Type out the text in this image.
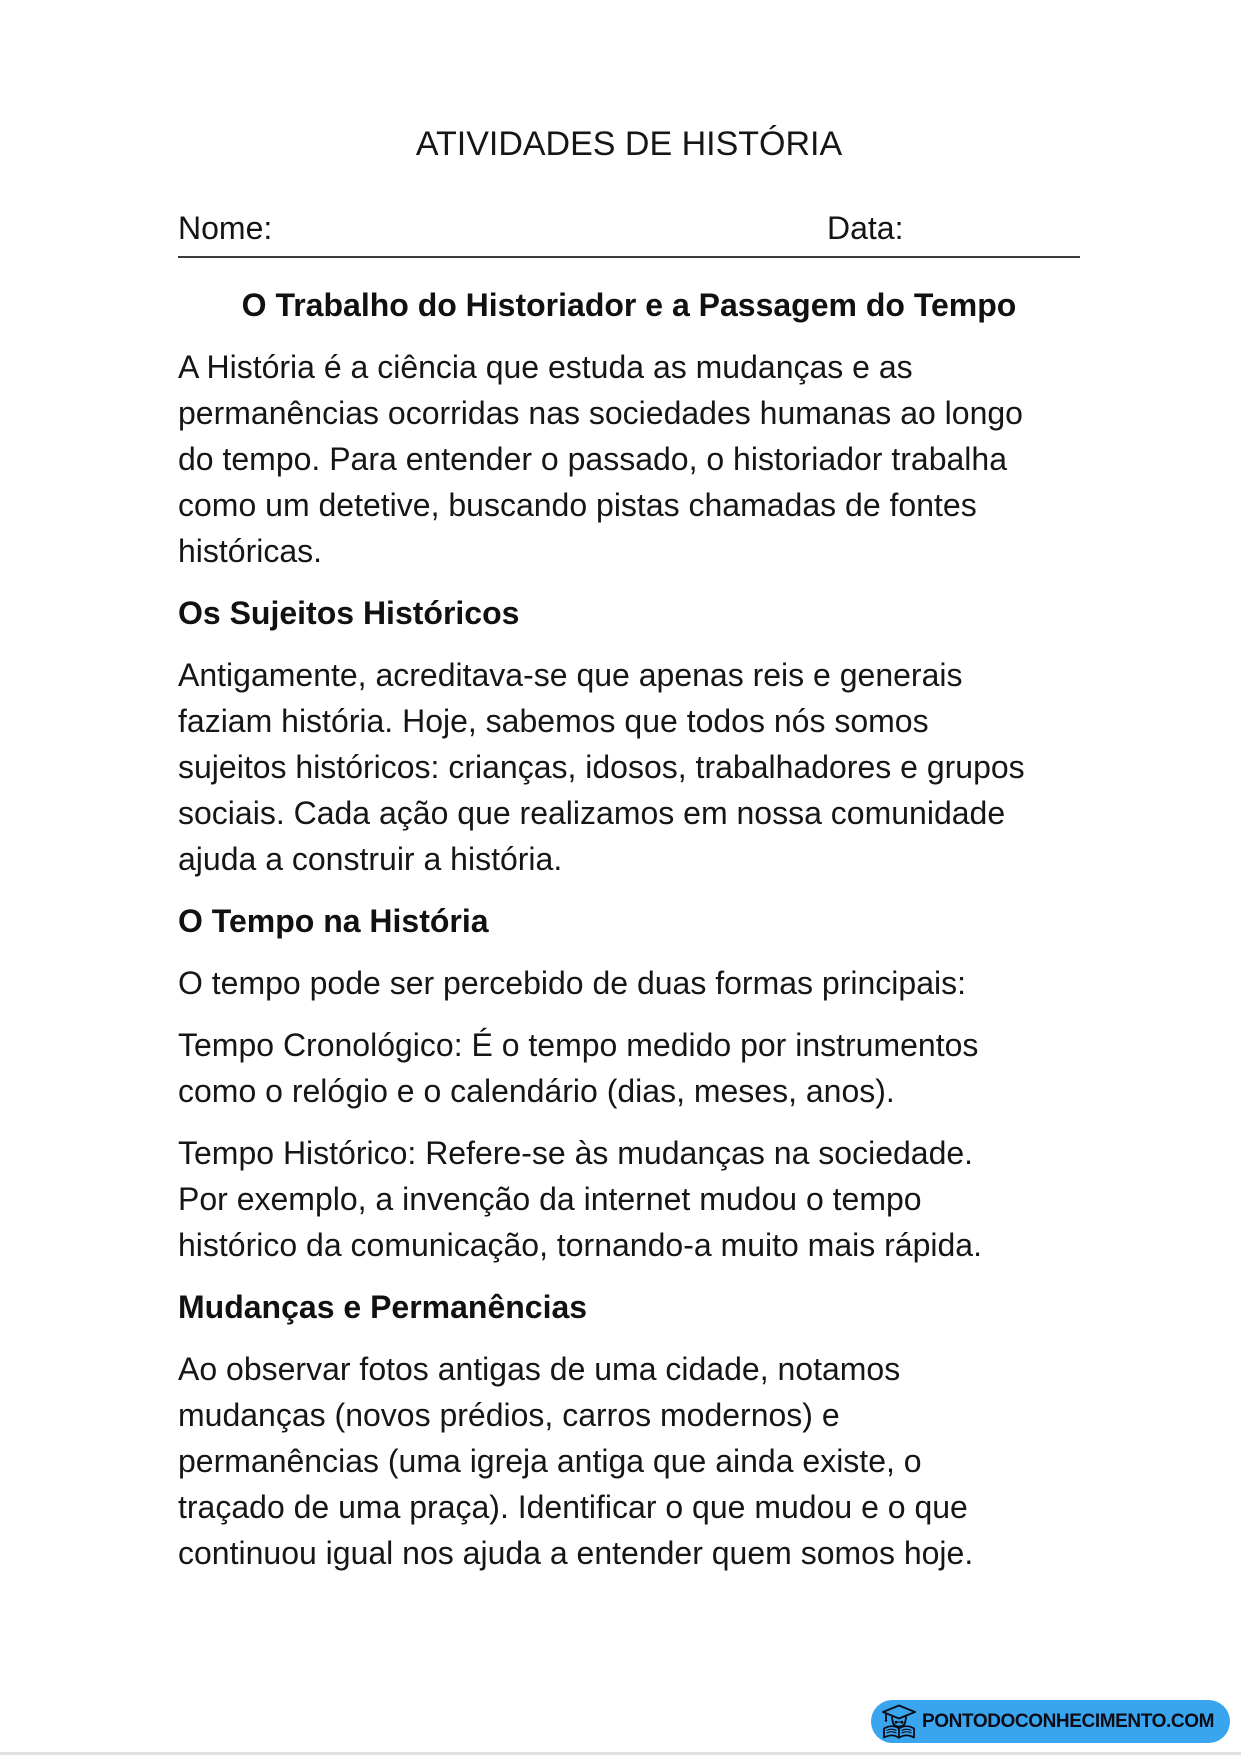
ATIVIDADES DE HISTÓRIA
Nome:	Data:
O Trabalho do Historiador e a Passagem do Tempo
A História é a ciência que estuda as mudanças e as
permanências ocorridas nas sociedades humanas ao longo
do tempo. Para entender o passado, o historiador trabalha
como um detetive, buscando pistas chamadas de fontes
históricas.
Os Sujeitos Históricos
Antigamente, acreditava-se que apenas reis e generais
faziam história. Hoje, sabemos que todos nós somos
sujeitos históricos: crianças, idosos, trabalhadores e grupos
sociais. Cada ação que realizamos em nossa comunidade
ajuda a construir a história.
O Tempo na História
O tempo pode ser percebido de duas formas principais:
Tempo Cronológico: É o tempo medido por instrumentos
como o relógio e o calendário (dias, meses, anos).
Tempo Histórico: Refere-se às mudanças na sociedade.
Por exemplo, a invenção da internet mudou o tempo
histórico da comunicação, tornando-a muito mais rápida.
Mudanças e Permanências
Ao observar fotos antigas de uma cidade, notamos
mudanças (novos prédios, carros modernos) e
permanências (uma igreja antiga que ainda existe, o
traçado de uma praça). Identificar o que mudou e o que
continuou igual nos ajuda a entender quem somos hoje.
PONTODOCONHECIMENTO.COM
